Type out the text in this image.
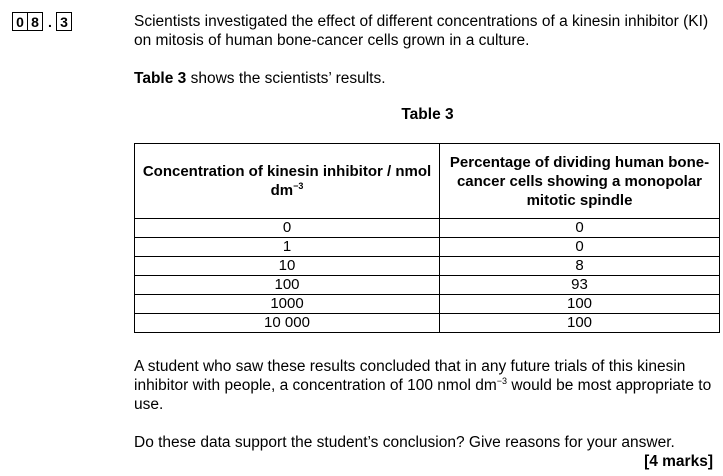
0 8 . 3	Scientists investigated the effect of different concentrations of a kinesin inhibitor (KI) on mitosis of human bone-cancer cells grown in a culture.
Table 3 shows the scientists’ results.
Table 3
Concentration of kinesin inhibitor / nmol $dm^{-3}$	Percentage of dividing human bone-cancer cells showing a monopolar mitotic spindle
0	0
1	0
10	8
100	93
1000	100
10 000	100
A student who saw these results concluded that in any future trials of this kinesin inhibitor with people, a concentration of 100 nmol $dm^{-3}$ would be most appropriate to use.
Do these data support the student’s conclusion? Give reasons for your answer.
[4 marks]
